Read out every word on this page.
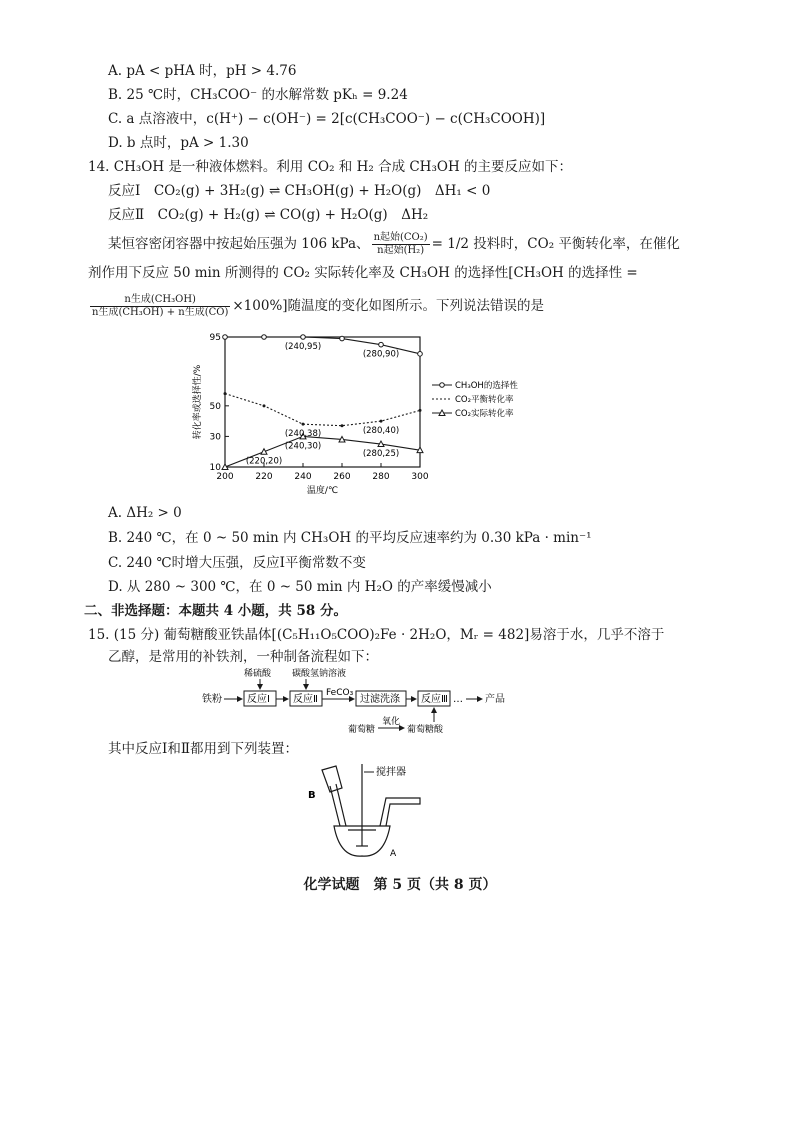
A. pA < pHA 时，pH > 4.76
B. 25 ℃时，CH₃COO⁻ 的水解常数 pKₕ = 9.24
C. a 点溶液中，c(H⁺) − c(OH⁻) = 2[c(CH₃COO⁻) − c(CH₃COOH)]
D. b 点时，pA > 1.30
14. CH₃OH 是一种液体燃料。利用 CO₂ 和 H₂ 合成 CH₃OH 的主要反应如下：
反应Ⅰ　CO₂(g) + 3H₂(g) ⇌ CH₃OH(g) + H₂O(g)　ΔH₁ < 0
反应Ⅱ　CO₂(g) + H₂(g) ⇌ CO(g) + H₂O(g)　ΔH₂
某恒容密闭容器中按起始压强为 106 kPa、 $\frac{\text{n起始(CO₂)}}{\text{n起始(H₂)}} = 1/2$ 投料时，CO₂ 平衡转化率，在催化
剂作用下反应 50 min 所测得的 CO₂ 实际转化率及 CH₃OH 的选择性[CH₃OH 的选择性 =
$\frac{\text{n生成(CH₃OH)}}{\text{n生成(CH₃OH) + n生成(CO)}} \times 100\%$]随温度的变化如图所示。下列说法错误的是
200 220 240 260 280 300
10
30
50
95
温度/℃
转化率或选择性/%
(240,95)
(280,90)
(240,38)	(280,40)
(240,30)
(220,20)
(280,25)
CH₃OH的选择性
CO₂平衡转化率
CO₂实际转化率
A. ΔH₂ > 0
B. 240 ℃，在 0 ~ 50 min 内 CH₃OH 的平均反应速率约为 0.30 kPa · min⁻¹
C. 240 ℃时增大压强，反应Ⅰ平衡常数不变
D. 从 280 ~ 300 ℃，在 0 ~ 50 min 内 H₂O 的产率缓慢减小
二、非选择题：本题共 4 小题，共 58 分。
15. (15 分) 葡萄糖酸亚铁晶体[(C₅H₁₁O₅COO)₂Fe · 2H₂O，Mᵣ = 482]易溶于水，几乎不溶于
乙醇，是常用的补铁剂，一种制备流程如下：
铁粉	反应Ⅰ
稀硫酸
反应Ⅱ
碳酸氢钠溶液
FeCO₃
过滤洗涤 反应Ⅲ … 产品
葡萄糖
氧化
葡萄糖酸
其中反应Ⅰ和Ⅱ都用到下列装置：
B
A
搅拌器
化学试题　第 5 页（共 8 页）
